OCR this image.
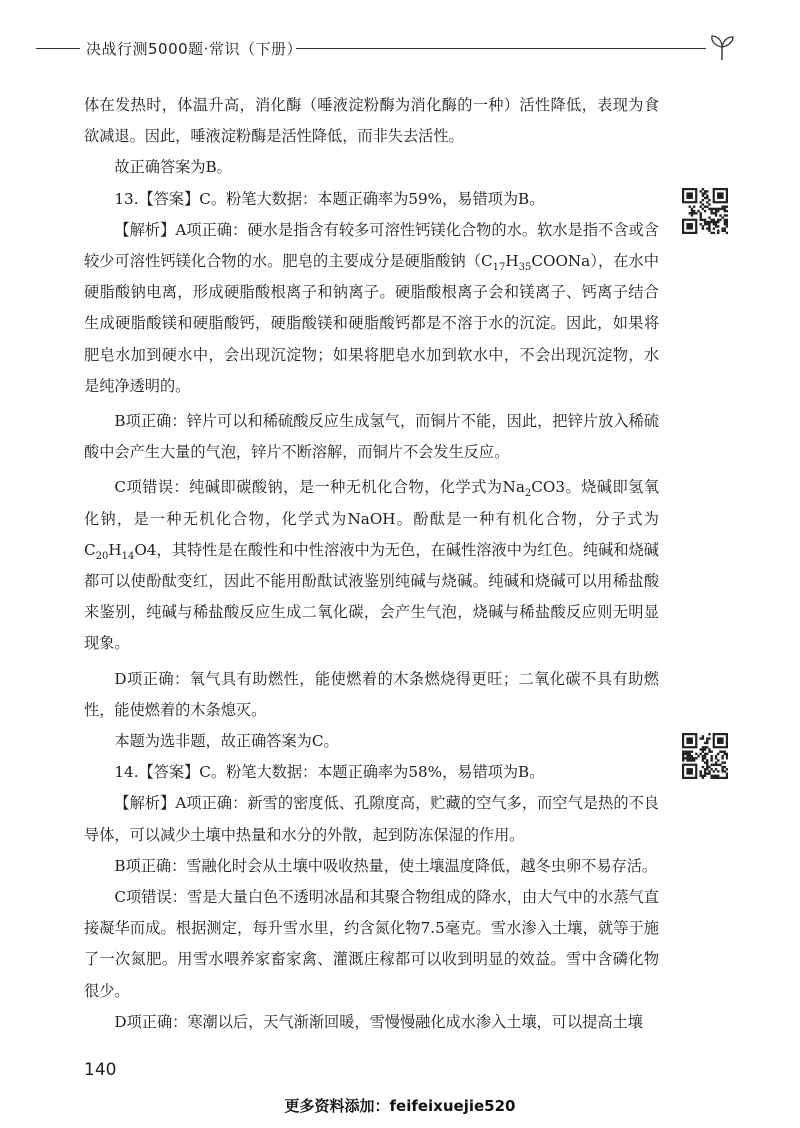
决战行测5000题·常识（下册）

体在发热时，体温升高，消化酶（唾液淀粉酶为消化酶的一种）活性降低，表现为食欲减退。因此，唾液淀粉酶是活性降低，而非失去活性。

故正确答案为B。

13.【答案】C。粉笔大数据：本题正确率为59%，易错项为B。

【解析】A项正确：硬水是指含有较多可溶性钙镁化合物的水。软水是指不含或含较少可溶性钙镁化合物的水。肥皂的主要成分是硬脂酸钠$(C_{17}H_{35}COONa)$，在水中硬脂酸钠电离，形成硬脂酸根离子和钠离子。硬脂酸根离子会和镁离子、钙离子结合生成硬脂酸镁和硬脂酸钙，硬脂酸镁和硬脂酸钙都是不溶于水的沉淀。因此，如果将肥皂水加到硬水中，会出现沉淀物；如果将肥皂水加到软水中，不会出现沉淀物，水是纯净透明的。

B项正确：锌片可以和稀硫酸反应生成氢气，而铜片不能，因此，把锌片放入稀硫酸中会产生大量的气泡，锌片不断溶解，而铜片不会发生反应。

C项错误：纯碱即碳酸钠，是一种无机化合物，化学式为$Na_2CO3$。烧碱即氢氧化钠，是一种无机化合物，化学式为NaOH。酚酞是一种有机化合物，分子式为$C_{20}H_{14}O4$，其特性是在酸性和中性溶液中为无色，在碱性溶液中为红色。纯碱和烧碱都可以使酚酞变红，因此不能用酚酞试液鉴别纯碱与烧碱。纯碱和烧碱可以用稀盐酸来鉴别，纯碱与稀盐酸反应生成二氧化碳，会产生气泡，烧碱与稀盐酸反应则无明显现象。

D项正确：氧气具有助燃性，能使燃着的木条燃烧得更旺；二氧化碳不具有助燃性，能使燃着的木条熄灭。

本题为选非题，故正确答案为C。

14.【答案】C。粉笔大数据：本题正确率为58%，易错项为B。

【解析】A项正确：新雪的密度低、孔隙度高，贮藏的空气多，而空气是热的不良导体，可以减少土壤中热量和水分的外散，起到防冻保湿的作用。

B项正确：雪融化时会从土壤中吸收热量，使土壤温度降低，越冬虫卵不易存活。

C项错误：雪是大量白色不透明冰晶和其聚合物组成的降水，由大气中的水蒸气直接凝华而成。根据测定，每升雪水里，约含氮化物7.5毫克。雪水渗入土壤，就等于施了一次氮肥。用雪水喂养家畜家禽、灌溉庄稼都可以收到明显的效益。雪中含磷化物很少。

D项正确：寒潮以后，天气渐渐回暖，雪慢慢融化成水渗入土壤，可以提高土壤

140
更多资料添加：feifeixuejie520
